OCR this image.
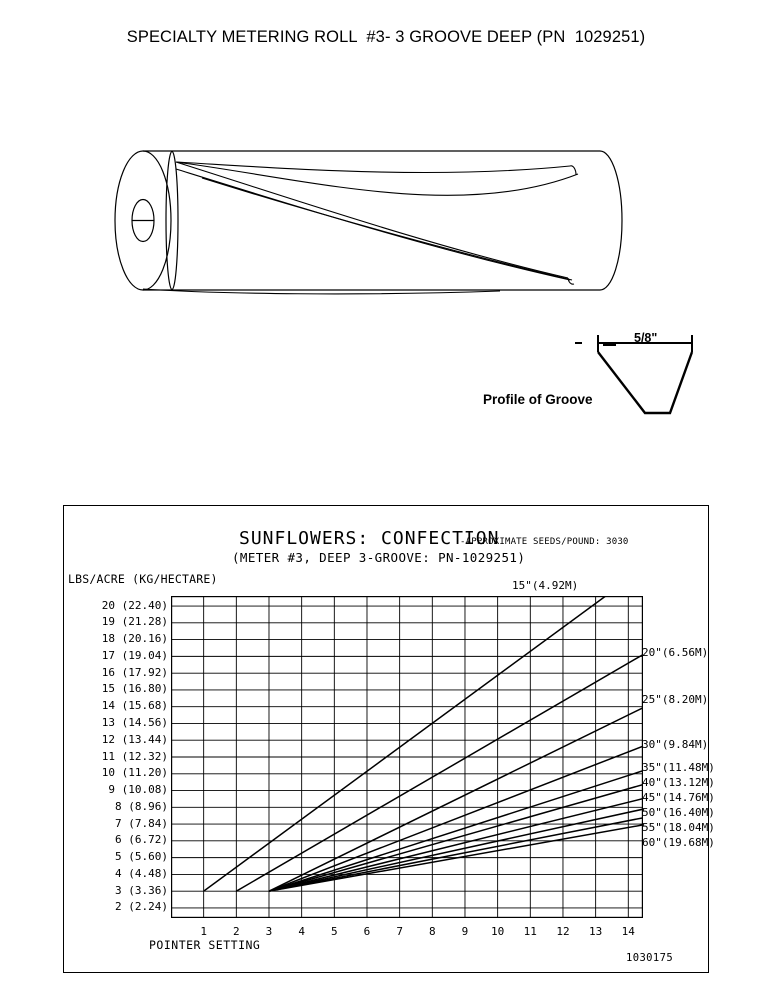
SPECIALTY METERING ROLL  #3- 3 GROOVE DEEP (PN  1029251)
5/8"
Profile of Groove
SUNFLOWERS: CONFECTION
-APPROXIMATE SEEDS/POUND: 3030
(METER #3, DEEP 3-GROOVE: PN-1029251)
LBS/ACRE (KG/HECTARE)
20 (22.40)
19 (21.28)
18 (20.16)
17 (19.04)
16 (17.92)
15 (16.80)
14 (15.68)
13 (14.56)
12 (13.44)
11 (12.32)
10 (11.20)
9 (10.08)
8 (8.96)
7 (7.84)
6 (6.72)
5 (5.60)
4 (4.48)
3 (3.36)
2 (2.24)
1 2 3 4 5 6 7 8 9 10 11 12 13 14
15"(4.92M)
20"(6.56M)
25"(8.20M)
30"(9.84M)
35"(11.48M)
40"(13.12M)
45"(14.76M)
50"(16.40M)
55"(18.04M)
60"(19.68M)
POINTER SETTING
1030175
